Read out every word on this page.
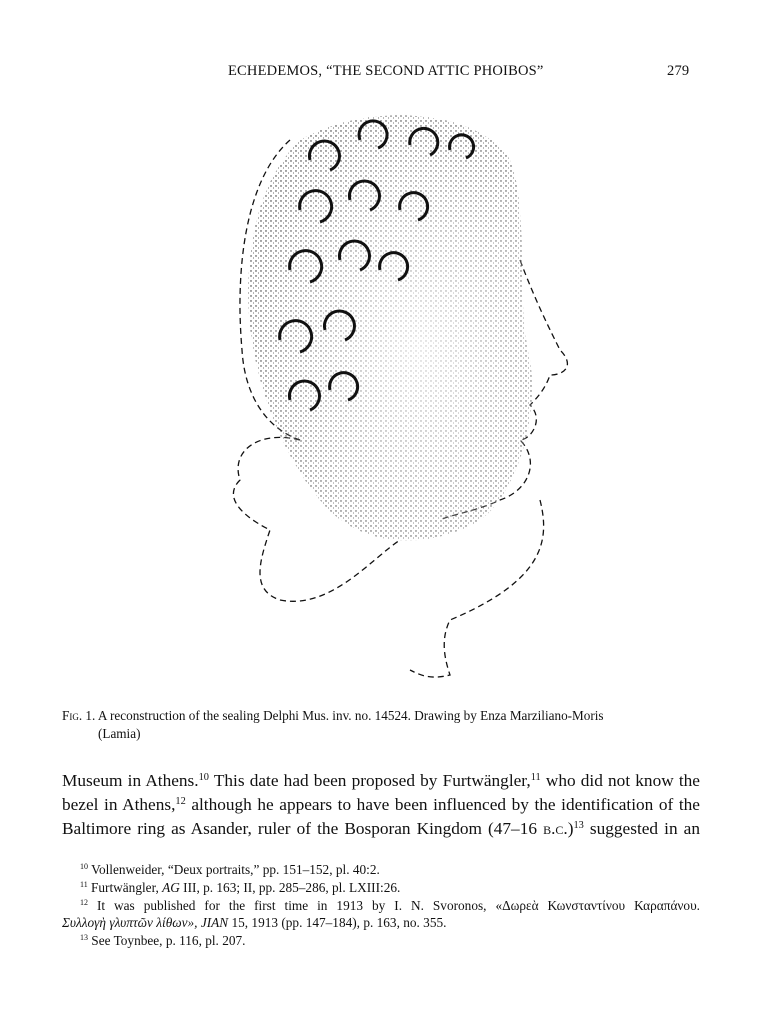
ECHEDEMOS, “THE SECOND ATTIC PHOIBOS”	279
Fig. 1. A reconstruction of the sealing Delphi Mus. inv. no. 14524. Drawing by Enza Marziliano-Moris
(Lamia)
Museum in Athens.$^{10}$ This date had been proposed by Furtwängler,$^{11}$ who did not know the
bezel in Athens,$^{12}$ although he appears to have been influenced by the identification of the
Baltimore ring as Asander, ruler of the Bosporan Kingdom (47–16 b.c.)$^{13}$ suggested in an
$^{10}$ Vollenweider, “Deux portraits,” pp. 151–152, pl. 40:2.
$^{11}$ Furtwängler, AG III, p. 163; II, pp. 285–286, pl. LXIII:26.
$^{12}$ It was published for the first time in 1913 by I. N. Svoronos, «Δωρεὰ Κωνσταντίνου Καραπάνου.
Συλλογὴ γλυπτῶν λίθων», JIAN 15, 1913 (pp. 147–184), p. 163, no. 355.
$^{13}$ See Toynbee, p. 116, pl. 207.
